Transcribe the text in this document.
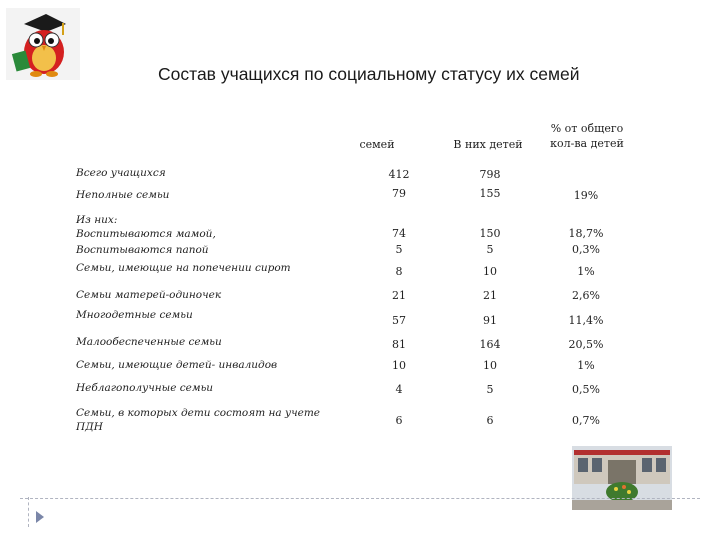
Состав учащихся по социальному статусу их семей
семей	В них детей
% от общего
кол-ва детей
Всего учащихся
Неполные семьи
Из них:
Воспитываются мамой,
Воспитываются папой
Семьи, имеющие на попечении сирот
Семьи матерей-одиночек
Многодетные семьи
Малообеспеченные семьи
Семьи, имеющие детей- инвалидов
Неблагополучные семьи
Семьи, в которых дети состоят на учете
ПДН
412
79
74
5
8
21
57
81
10
4
6
798
155
150
5
10
21
91
164
10
5
6
19%
18,7%
0,3%
1%
2,6%
11,4%
20,5%
1%
0,5%
0,7%
